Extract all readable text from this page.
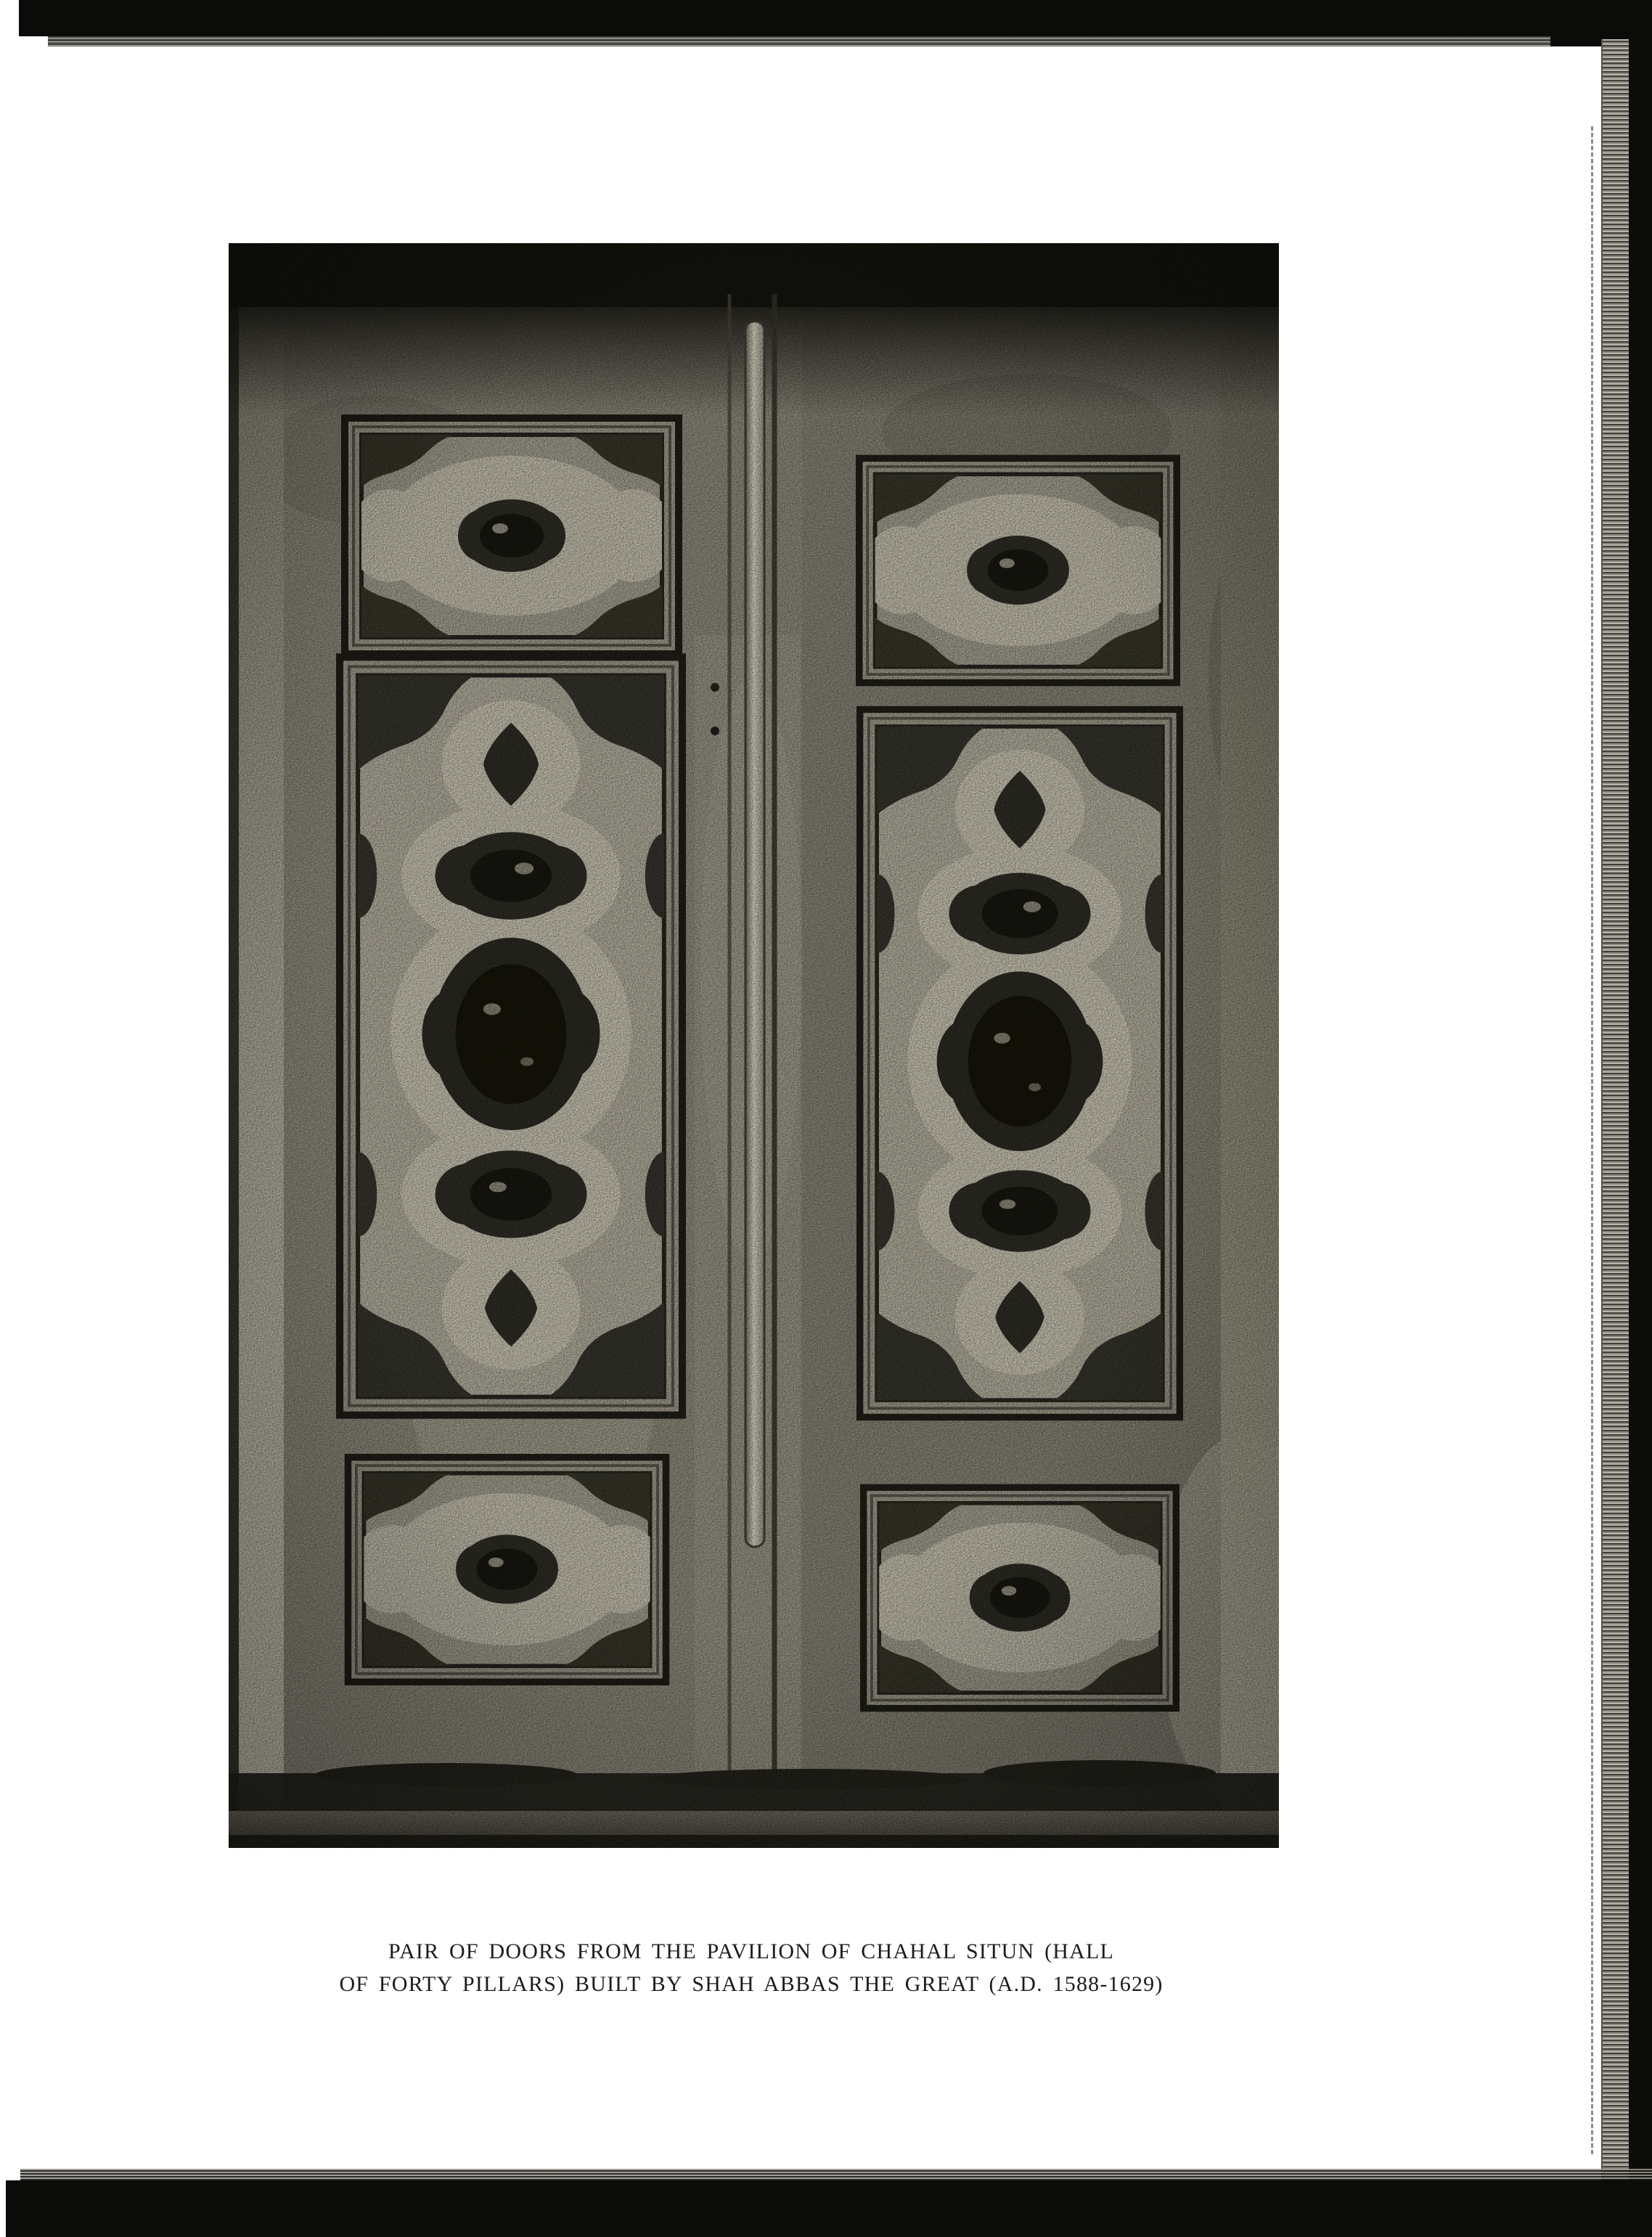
PAIR OF DOORS FROM THE PAVILION OF CHAHAL SITUN (HALL
OF FORTY PILLARS) BUILT BY SHAH ABBAS THE GREAT (A.D. 1588-1629)
